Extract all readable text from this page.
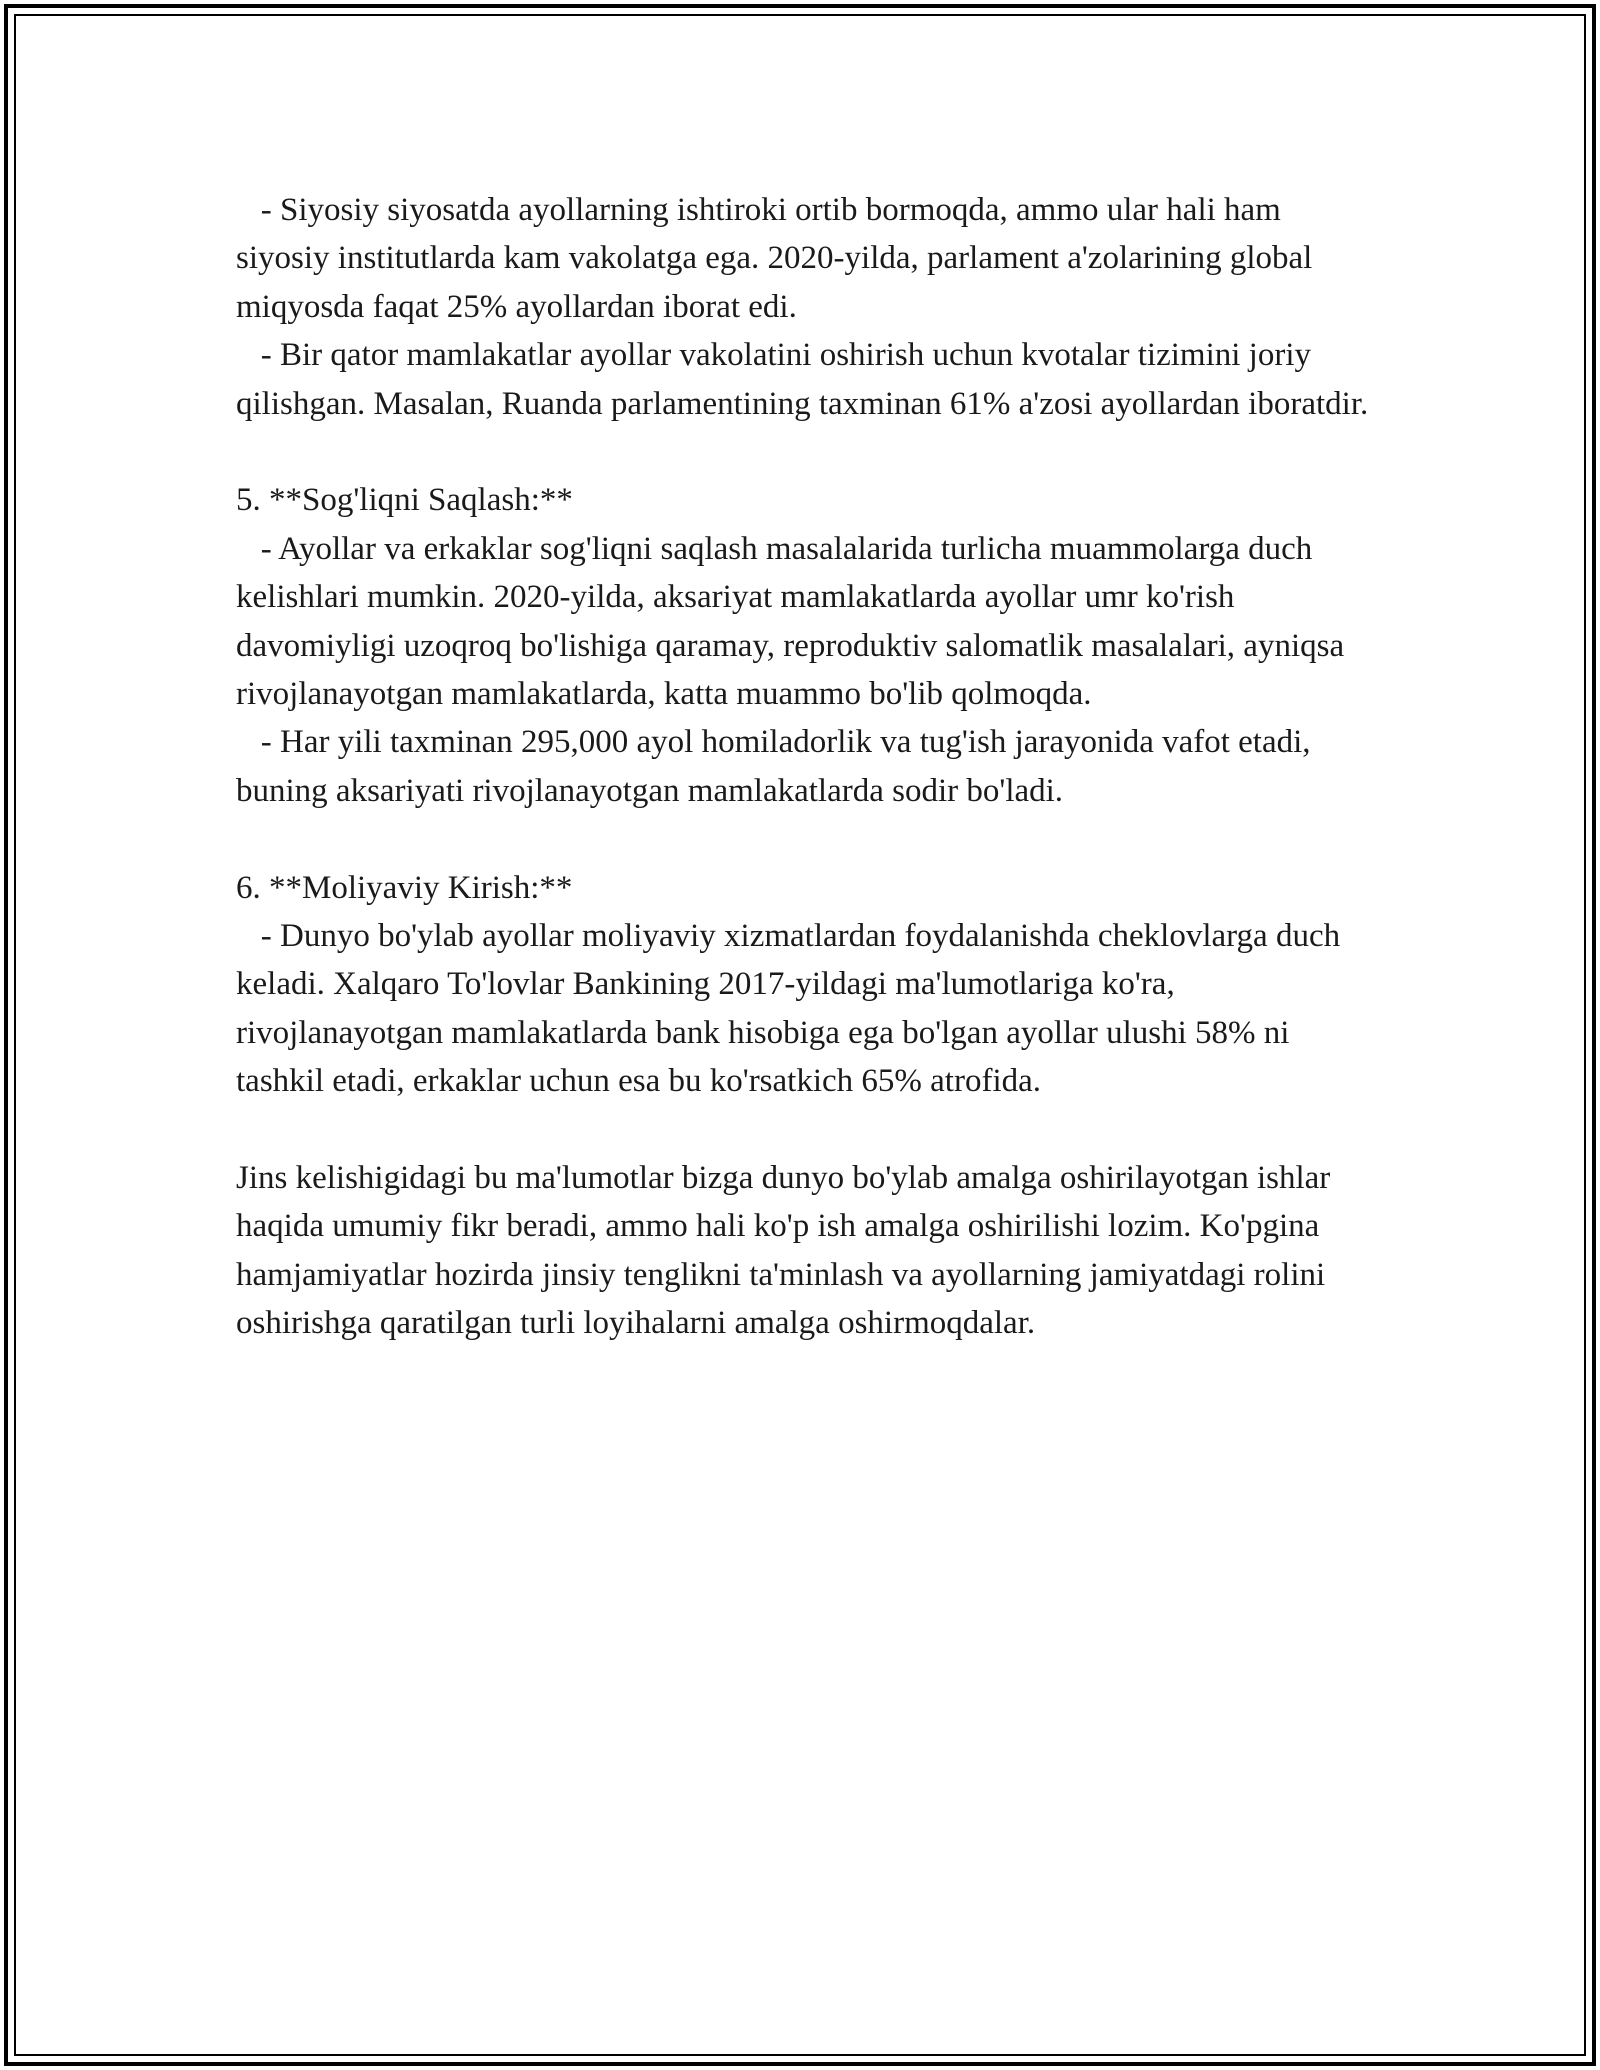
- Siyosiy siyosatda ayollarning ishtiroki ortib bormoqda, ammo ular hali ham siyosiy institutlarda kam vakolatga ega. 2020-yilda, parlament a'zolarining global miqyosda faqat 25% ayollardan iborat edi.

- Bir qator mamlakatlar ayollar vakolatini oshirish uchun kvotalar tizimini joriy qilishgan. Masalan, Ruanda parlamentining taxminan 61% a'zosi ayollardan iboratdir.

5. **Sog'liqni Saqlash:**

- Ayollar va erkaklar sog'liqni saqlash masalalarida turlicha muammolarga duch kelishlari mumkin. 2020-yilda, aksariyat mamlakatlarda ayollar umr ko'rish davomiyligi uzoqroq bo'lishiga qaramay, reproduktiv salomatlik masalalari, ayniqsa rivojlanayotgan mamlakatlarda, katta muammo bo'lib qolmoqda.

- Har yili taxminan 295,000 ayol homiladorlik va tug'ish jarayonida vafot etadi, buning aksariyati rivojlanayotgan mamlakatlarda sodir bo'ladi.

6. **Moliyaviy Kirish:**

- Dunyo bo'ylab ayollar moliyaviy xizmatlardan foydalanishda cheklovlarga duch keladi. Xalqaro To'lovlar Bankining 2017-yildagi ma'lumotlariga ko'ra, rivojlanayotgan mamlakatlarda bank hisobiga ega bo'lgan ayollar ulushi 58% ni tashkil etadi, erkaklar uchun esa bu ko'rsatkich 65% atrofida.

Jins kelishigidagi bu ma'lumotlar bizga dunyo bo'ylab amalga oshirilayotgan ishlar haqida umumiy fikr beradi, ammo hali ko'p ish amalga oshirilishi lozim. Ko'pgina hamjamiyatlar hozirda jinsiy tenglikni ta'minlash va ayollarning jamiyatdagi rolini oshirishga qaratilgan turli loyihalarni amalga oshirmoqdalar.
